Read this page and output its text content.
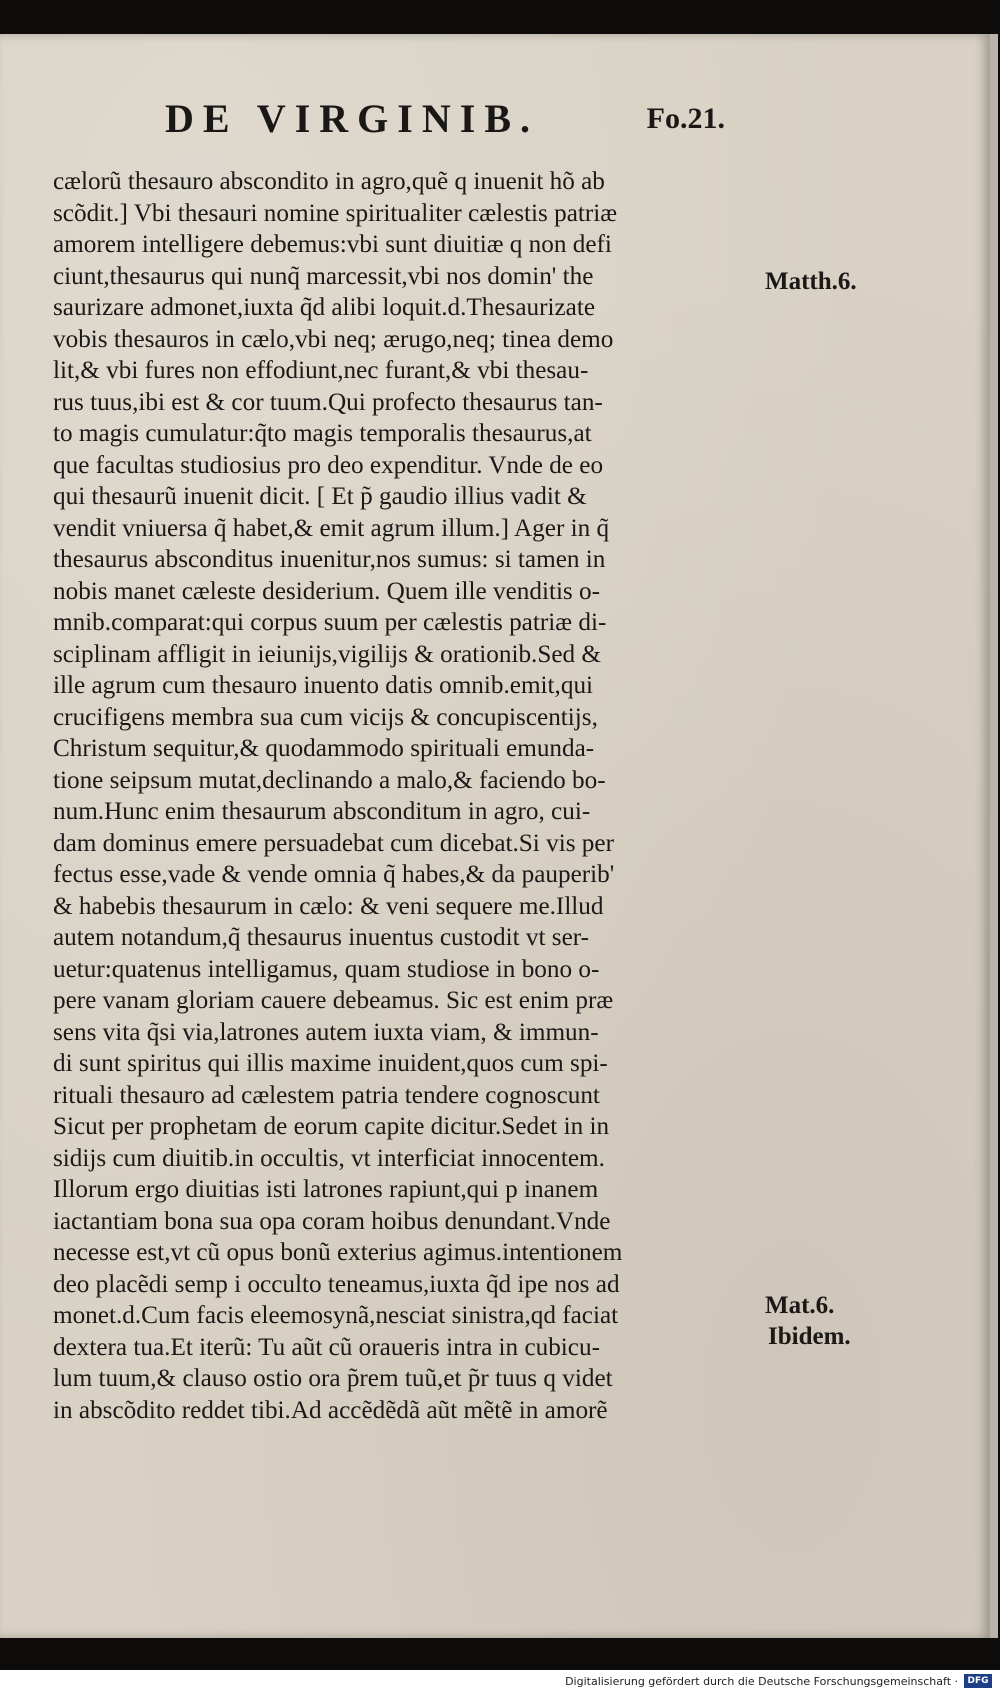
DE VIRGINIB.	Fo.21.
cælorũ thesauro abscondito in agro,quẽ q inuenit hõ ab
scõdit.] Vbi thesauri nomine spiritualiter cælestis patriæ
amorem intelligere debemus:vbi sunt diuitiæ q non defi
ciunt,thesaurus qui nunq̃ marcessit,vbi nos domin' the
saurizare admonet,iuxta q̃d alibi loquit.d.Thesaurizate
vobis thesauros in cælo,vbi neq; ærugo,neq; tinea demo
lit,& vbi fures non effodiunt,nec furant,& vbi thesau-
rus tuus,ibi est & cor tuum.Qui profecto thesaurus tan-
to magis cumulatur:q̃to magis temporalis thesaurus,at
que facultas studiosius pro deo expenditur. Vnde de eo
qui thesaurũ inuenit dicit. [ Et p̃ gaudio illius vadit &
vendit vniuersa q̃ habet,& emit agrum illum.] Ager in q̃
thesaurus absconditus inuenitur,nos sumus: si tamen in
nobis manet cæleste desiderium. Quem ille venditis o-
mnib.comparat:qui corpus suum per cælestis patriæ di-
sciplinam affligit in ieiunijs,vigilijs & orationib.Sed &
ille agrum cum thesauro inuento datis omnib.emit,qui
crucifigens membra sua cum vicijs & concupiscentijs,
Christum sequitur,& quodammodo spirituali emunda-
tione seipsum mutat,declinando a malo,& faciendo bo-
num.Hunc enim thesaurum absconditum in agro, cui-
dam dominus emere persuadebat cum dicebat.Si vis per
fectus esse,vade & vende omnia q̃ habes,& da pauperib'
& habebis thesaurum in cælo: & veni sequere me.Illud
autem notandum,q̃ thesaurus inuentus custodit vt ser-
uetur:quatenus intelligamus, quam studiose in bono o-
pere vanam gloriam cauere debeamus. Sic est enim præ
sens vita q̃si via,latrones autem iuxta viam, & immun-
di sunt spiritus qui illis maxime inuident,quos cum spi-
rituali thesauro ad cælestem patria tendere cognoscunt
Sicut per prophetam de eorum capite dicitur.Sedet in in
sidijs cum diuitib.in occultis, vt interficiat innocentem.
Illorum ergo diuitias isti latrones rapiunt,qui p inanem
iactantiam bona sua opa coram hoibus denundant.Vnde
necesse est,vt cũ opus bonũ exterius agimus.intentionem
deo placẽdi semp i occulto teneamus,iuxta q̃d ipe nos ad
monet.d.Cum facis eleemosynã,nesciat sinistra,qd faciat
dextera tua.Et iterũ: Tu aũt cũ oraueris intra in cubicu-
lum tuum,& clauso ostio ora p̃rem tuũ,et p̃r tuus q videt
in abscõdito reddet tibi.Ad accẽdẽdã aũt mẽtẽ in amorẽ
Matth.6.
Mat.6.
Ibidem.
Digitalisierung gefördert durch die Deutsche Forschungsgemeinschaft ·	DFG
